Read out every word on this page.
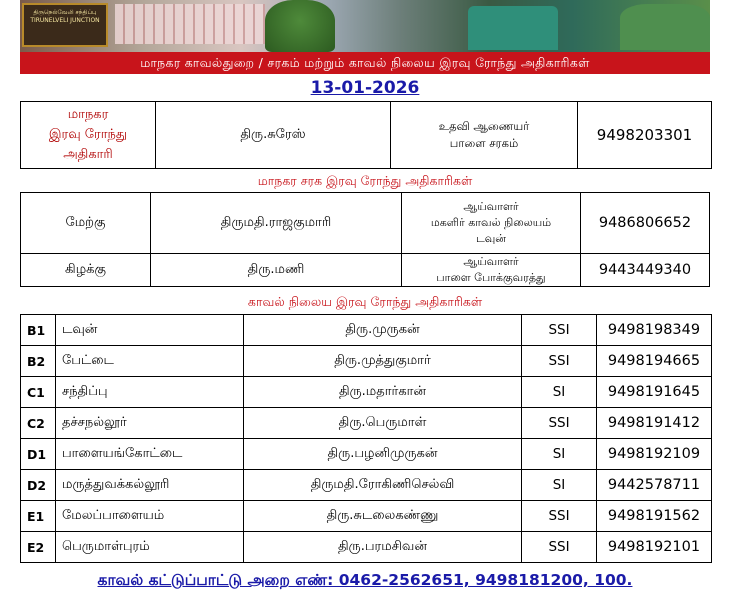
திருநெல்வேலி சந்திப்பு TIRUNELVELI JUNCTION
மாநகர காவல்துறை / சரகம் மற்றும் காவல் நிலைய இரவு ரோந்து அதிகாரிகள்
13-01-2026
மாநகர
இரவு ரோந்து
அதிகாரி
	திரு.சுரேஸ்	
உதவி ஆணையர்
பாளை சரகம்	9498203301
மாநகர சரக இரவு ரோந்து அதிகாரிகள்
மேற்கு	திருமதி.ராஜகுமாரி	ஆய்வாளர்
மகளிர் காவல் நிலையம்
டவுன்	9486806652
கிழக்கு	திரு.மணி	ஆய்வாளர்
பாளை போக்குவரத்து	9443449340
காவல் நிலைய இரவு ரோந்து அதிகாரிகள்
B1	டவுன்	திரு.முருகன்	SSI	9498198349
B2	பேட்டை	திரு.முத்துகுமார்	SSI	9498194665
C1	சந்திப்பு	திரு.மதார்கான்	SI	9498191645
C2	தச்சநல்லூர்	திரு.பெருமாள்	SSI	9498191412
D1	பாளையங்கோட்டை	திரு.பழனிமுருகன்	SI	9498192109
D2	மருத்துவக்கல்லூரி	திருமதி.ரோகிணிசெல்வி	SI	9442578711
E1	மேலப்பாளையம்	திரு.சுடலைகண்ணு	SSI	9498191562
E2	பெருமாள்புரம்	திரு.பரமசிவன்	SSI	9498192101
காவல் கட்டுப்பாட்டு அறை எண்: 0462-2562651, 9498181200, 100.
